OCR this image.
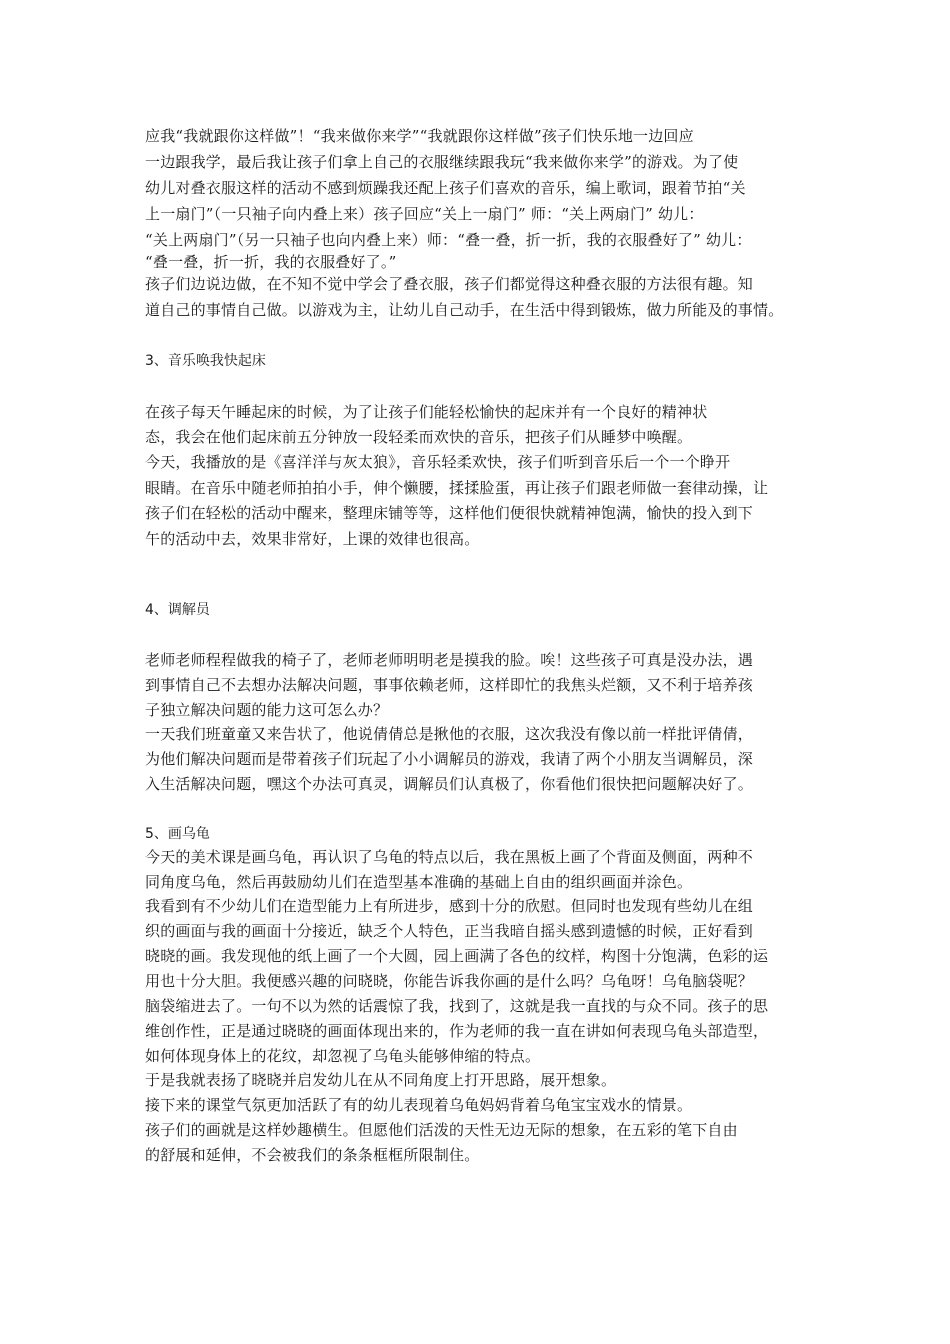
应我“我就跟你这样做”！“我来做你来学”“我就跟你这样做”孩子们快乐地一边回应
一边跟我学，最后我让孩子们拿上自己的衣服继续跟我玩“我来做你来学”的游戏。为了使
幼儿对叠衣服这样的活动不感到烦躁我还配上孩子们喜欢的音乐，编上歌词，跟着节拍“关
上一扇门”（一只袖子向内叠上来）孩子回应“关上一扇门” 师：“关上两扇门” 幼儿：
“关上两扇门”（另一只袖子也向内叠上来）师：“叠一叠，折一折，我的衣服叠好了” 幼儿：
“叠一叠，折一折，我的衣服叠好了。”
孩子们边说边做，在不知不觉中学会了叠衣服，孩子们都觉得这种叠衣服的方法很有趣。知
道自己的事情自己做。以游戏为主，让幼儿自己动手，在生活中得到锻炼，做力所能及的事情。
3、音乐唤我快起床
在孩子每天午睡起床的时候，为了让孩子们能轻松愉快的起床并有一个良好的精神状
态，我会在他们起床前五分钟放一段轻柔而欢快的音乐，把孩子们从睡梦中唤醒。
今天，我播放的是《喜洋洋与灰太狼》，音乐轻柔欢快，孩子们听到音乐后一个一个睁开
眼睛。在音乐中随老师拍拍小手，伸个懒腰，揉揉脸蛋，再让孩子们跟老师做一套律动操，让
孩子们在轻松的活动中醒来，整理床铺等等，这样他们便很快就精神饱满，愉快的投入到下
午的活动中去，效果非常好，上课的效律也很高。
4、调解员
老师老师程程做我的椅子了，老师老师明明老是摸我的脸。唉！这些孩子可真是没办法，遇
到事情自己不去想办法解决问题，事事依赖老师，这样即忙的我焦头烂额，又不利于培养孩
子独立解决问题的能力这可怎么办？
一天我们班童童又来告状了，他说倩倩总是揪他的衣服，这次我没有像以前一样批评倩倩，
为他们解决问题而是带着孩子们玩起了小小调解员的游戏，我请了两个小朋友当调解员，深
入生活解决问题，嘿这个办法可真灵，调解员们认真极了，你看他们很快把问题解决好了。
5、画乌龟
今天的美术课是画乌龟，再认识了乌龟的特点以后，我在黑板上画了个背面及侧面，两种不
同角度乌龟，然后再鼓励幼儿们在造型基本准确的基础上自由的组织画面并涂色。
我看到有不少幼儿们在造型能力上有所进步，感到十分的欣慰。但同时也发现有些幼儿在组
织的画面与我的画面十分接近，缺乏个人特色，正当我暗自摇头感到遗憾的时候，正好看到
晓晓的画。我发现他的纸上画了一个大圆，园上画满了各色的纹样，构图十分饱满，色彩的运
用也十分大胆。我便感兴趣的问晓晓，你能告诉我你画的是什么吗？乌龟呀！乌龟脑袋呢？
脑袋缩进去了。一句不以为然的话震惊了我，找到了，这就是我一直找的与众不同。孩子的思
维创作性，正是通过晓晓的画面体现出来的，作为老师的我一直在讲如何表现乌龟头部造型，
如何体现身体上的花纹，却忽视了乌龟头能够伸缩的特点。
于是我就表扬了晓晓并启发幼儿在从不同角度上打开思路，展开想象。
接下来的课堂气氛更加活跃了有的幼儿表现着乌龟妈妈背着乌龟宝宝戏水的情景。
孩子们的画就是这样妙趣横生。但愿他们活泼的天性无边无际的想象，在五彩的笔下自由
的舒展和延伸，不会被我们的条条框框所限制住。
